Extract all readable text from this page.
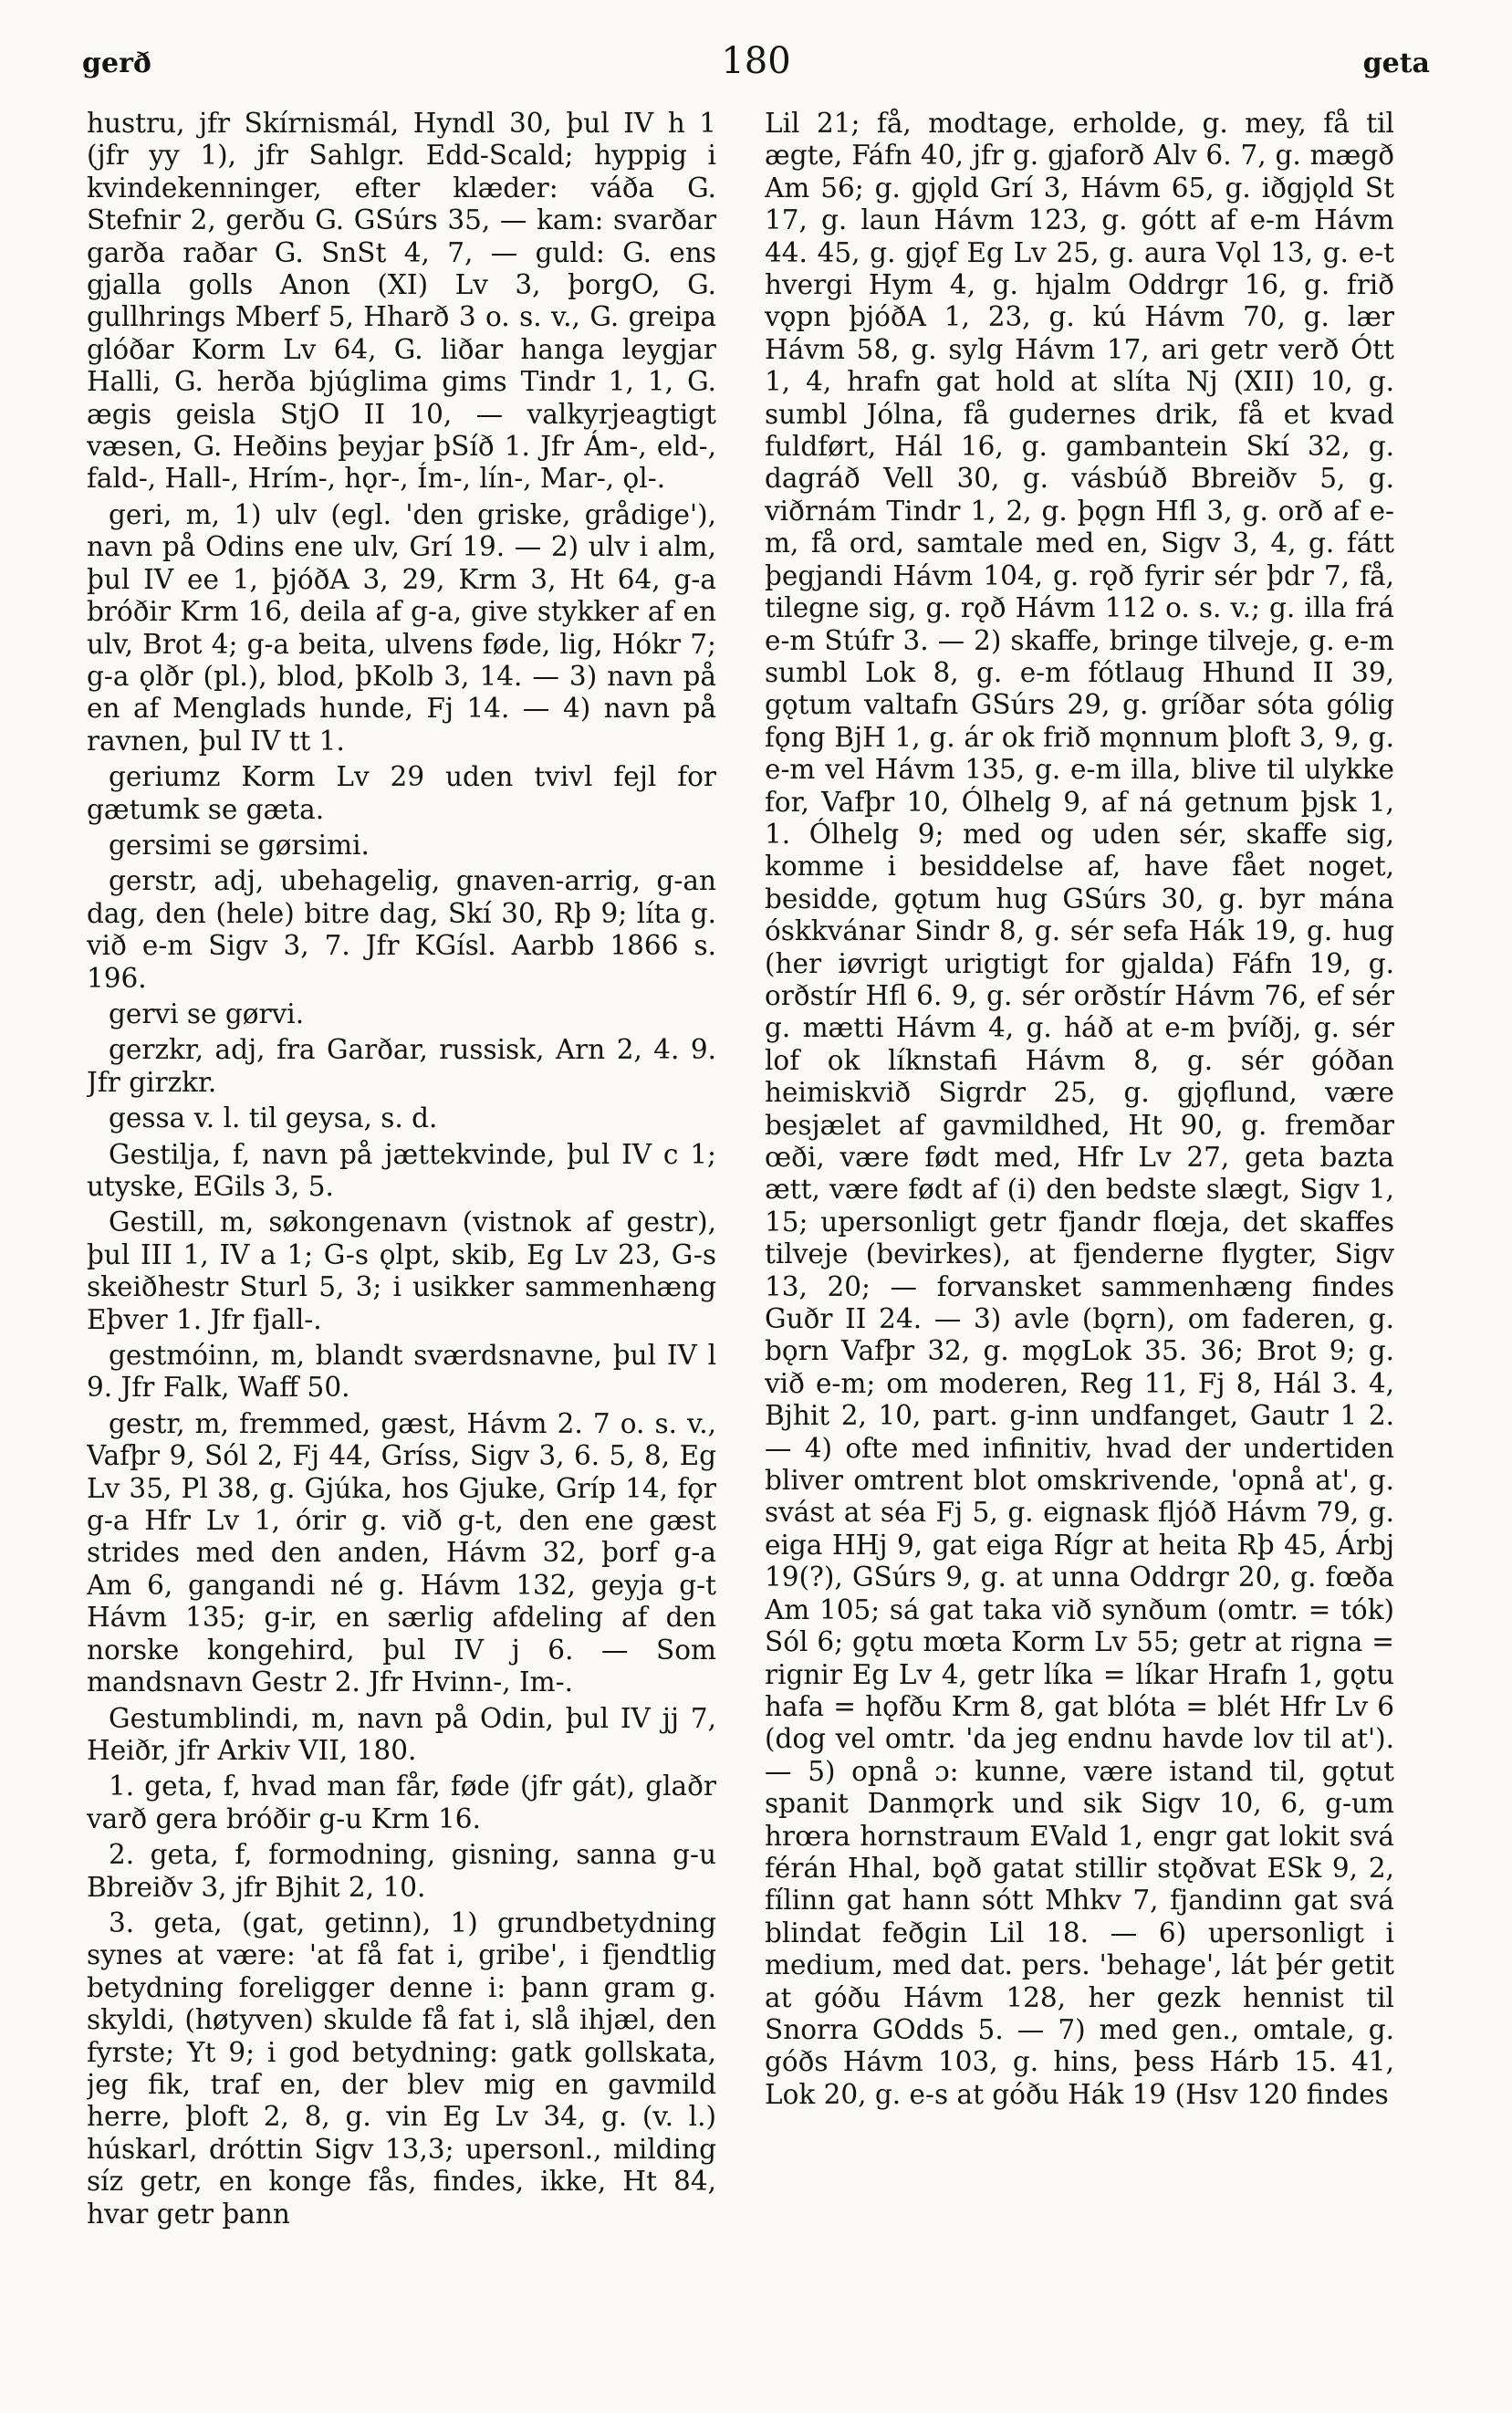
gerð	180	geta

hustru, jfr Skírnismál, Hyndl 30, þul IV h 1 (jfr yy 1), jfr Sahlgr. Edd-Scald; hyppig i kvindekenninger, efter klæder: váða G. Stefnir 2, gerðu G. GSúrs 35, — kam: svarðar garða raðar G. SnSt 4, 7, — guld: G. ens gjalla golls Anon (XI) Lv 3, þorgO, G. gullhrings Mberf 5, Hharð 3 o. s. v., G. greipa glóðar Korm Lv 64, G. liðar hanga leygjar Halli, G. herða bjúglima gims Tindr 1, 1, G. ægis geisla StjO II 10, — valkyrjeagtigt væsen, G. Heðins þeyjar þSíð 1. Jfr Ám-, eld-, fald-, Hall-, Hrím-, hǫr-, Ím-, lín-, Mar-, ǫl-.

geri, m, 1) ulv (egl. 'den griske, grådige'), navn på Odins ene ulv, Grí 19. — 2) ulv i alm, þul IV ee 1, þjóðA 3, 29, Krm 3, Ht 64, g-a bróðir Krm 16, deila af g-a, give stykker af en ulv, Brot 4; g-a beita, ulvens føde, lig, Hókr 7; g-a ǫlðr (pl.), blod, þKolb 3, 14. — 3) navn på en af Menglads hunde, Fj 14. — 4) navn på ravnen, þul IV tt 1.

geriumz Korm Lv 29 uden tvivl fejl for gætumk se gæta.

gersimi se gørsimi.

gerstr, adj, ubehagelig, gnaven-arrig, g-an dag, den (hele) bitre dag, Skí 30, Rþ 9; líta g. við e-m Sigv 3, 7. Jfr KGísl. Aarbb 1866 s. 196.

gervi se gørvi.

gerzkr, adj, fra Garðar, russisk, Arn 2, 4. 9. Jfr girzkr.

gessa v. l. til geysa, s. d.

Gestilja, f, navn på jættekvinde, þul IV c 1; utyske, EGils 3, 5.

Gestill, m, søkongenavn (vistnok af gestr), þul III 1, IV a 1; G-s ǫlpt, skib, Eg Lv 23, G-s skeiðhestr Sturl 5, 3; i usikker sammenhæng Eþver 1. Jfr fjall-.

gestmóinn, m, blandt sværdsnavne, þul IV l 9. Jfr Falk, Waff 50.

gestr, m, fremmed, gæst, Hávm 2. 7 o. s. v., Vafþr 9, Sól 2, Fj 44, Gríss, Sigv 3, 6. 5, 8, Eg Lv 35, Pl 38, g. Gjúka, hos Gjuke, Gríp 14, fǫr g-a Hfr Lv 1, órir g. við g-t, den ene gæst strides med den anden, Hávm 32, þorf g-a Am 6, gangandi né g. Hávm 132, geyja g-t Hávm 135; g-ir, en særlig afdeling af den norske kongehird, þul IV j 6. — Som mandsnavn Gestr 2. Jfr Hvinn-, Im-.

Gestumblindi, m, navn på Odin, þul IV jj 7, Heiðr, jfr Arkiv VII, 180.

1. geta, f, hvad man får, føde (jfr gát), glaðr varð gera bróðir g-u Krm 16.

2. geta, f, formodning, gisning, sanna g-u Bbreiðv 3, jfr Bjhit 2, 10.

3. geta, (gat, getinn), 1) grundbetydning synes at være: 'at få fat i, gribe', i fjendtlig betydning foreligger denne i: þann gram g. skyldi, (høtyven) skulde få fat i, slå ihjæl, den fyrste; Yt 9; i god betydning: gatk gollskata, jeg fik, traf en, der blev mig en gavmild herre, þloft 2, 8, g. vin Eg Lv 34, g. (v. l.) húskarl, dróttin Sigv 13,3; upersonl., milding síz getr, en konge fås, findes, ikke, Ht 84, hvar getr þann

Lil 21; få, modtage, erholde, g. mey, få til ægte, Fáfn 40, jfr g. gjaforð Alv 6. 7, g. mægð Am 56; g. gjǫld Grí 3, Hávm 65, g. iðgjǫld St 17, g. laun Hávm 123, g. gótt af e-m Hávm 44. 45, g. gjǫf Eg Lv 25, g. aura Vǫl 13, g. e-t hvergi Hym 4, g. hjalm Oddrgr 16, g. frið vǫpn þjóðA 1, 23, g. kú Hávm 70, g. lær Hávm 58, g. sylg Hávm 17, ari getr verð Ótt 1, 4, hrafn gat hold at slíta Nj (XII) 10, g. sumbl Jólna, få gudernes drik, få et kvad fuldført, Hál 16, g. gambantein Skí 32, g. dagráð Vell 30, g. vásbúð Bbreiðv 5, g. viðrnám Tindr 1, 2, g. þǫgn Hfl 3, g. orð af e-m, få ord, samtale med en, Sigv 3, 4, g. fátt þegjandi Hávm 104, g. rǫð fyrir sér þdr 7, få, tilegne sig, g. rǫð Hávm 112 o. s. v.; g. illa frá e-m Stúfr 3. — 2) skaffe, bringe tilveje, g. e-m sumbl Lok 8, g. e-m fótlaug Hhund II 39, gǫtum valtafn GSúrs 29, g. gríðar sóta gólig fǫng BjH 1, g. ár ok frið mǫnnum þloft 3, 9, g. e-m vel Hávm 135, g. e-m illa, blive til ulykke for, Vafþr 10, Ólhelg 9, af ná getnum þjsk 1, 1. Ólhelg 9; med og uden sér, skaffe sig, komme i besiddelse af, have fået noget, besidde, gǫtum hug GSúrs 30, g. byr mána óskkvánar Sindr 8, g. sér sefa Hák 19, g. hug (her iøvrigt urigtigt for gjalda) Fáfn 19, g. orðstír Hfl 6. 9, g. sér orðstír Hávm 76, ef sér g. mætti Hávm 4, g. háð at e-m þvíðj, g. sér lof ok líknstafi Hávm 8, g. sér góðan heimiskvið Sigrdr 25, g. gjǫflund, være besjælet af gavmildhed, Ht 90, g. fremðar œði, være født med, Hfr Lv 27, geta bazta ætt, være født af (i) den bedste slægt, Sigv 1, 15; upersonligt getr fjandr flœja, det skaffes tilveje (bevirkes), at fjenderne flygter, Sigv 13, 20; — forvansket sammenhæng findes Guðr II 24. — 3) avle (bǫrn), om faderen, g. bǫrn Vafþr 32, g. mǫgLok 35. 36; Brot 9; g. við e-m; om moderen, Reg 11, Fj 8, Hál 3. 4, Bjhit 2, 10, part. g-inn undfanget, Gautr 1 2. — 4) ofte med infinitiv, hvad der undertiden bliver omtrent blot omskrivende, 'opnå at', g. svást at séa Fj 5, g. eignask fljóð Hávm 79, g. eiga HHj 9, gat eiga Rígr at heita Rþ 45, Árbj 19(?), GSúrs 9, g. at unna Oddrgr 20, g. fœða Am 105; sá gat taka við synðum (omtr. = tók) Sól 6; gǫtu mœta Korm Lv 55; getr at rigna = rignir Eg Lv 4, getr líka = líkar Hrafn 1, gǫtu hafa = hǫfðu Krm 8, gat blóta = blét Hfr Lv 6 (dog vel omtr. 'da jeg endnu havde lov til at'). — 5) opnå ɔ: kunne, være istand til, gǫtut spanit Danmǫrk und sik Sigv 10, 6, g-um hrœra hornstraum EVald 1, engr gat lokit svá férán Hhal, bǫð gatat stillir stǫðvat ESk 9, 2, fílinn gat hann sótt Mhkv 7, fjandinn gat svá blindat feðgin Lil 18. — 6) upersonligt i medium, med dat. pers. 'behage', lát þér getit at góðu Hávm 128, her gezk hennist til Snorra GOdds 5. — 7) med gen., omtale, g. góðs Hávm 103, g. hins, þess Hárb 15. 41, Lok 20, g. e-s at góðu Hák 19 (Hsv 120 findes
